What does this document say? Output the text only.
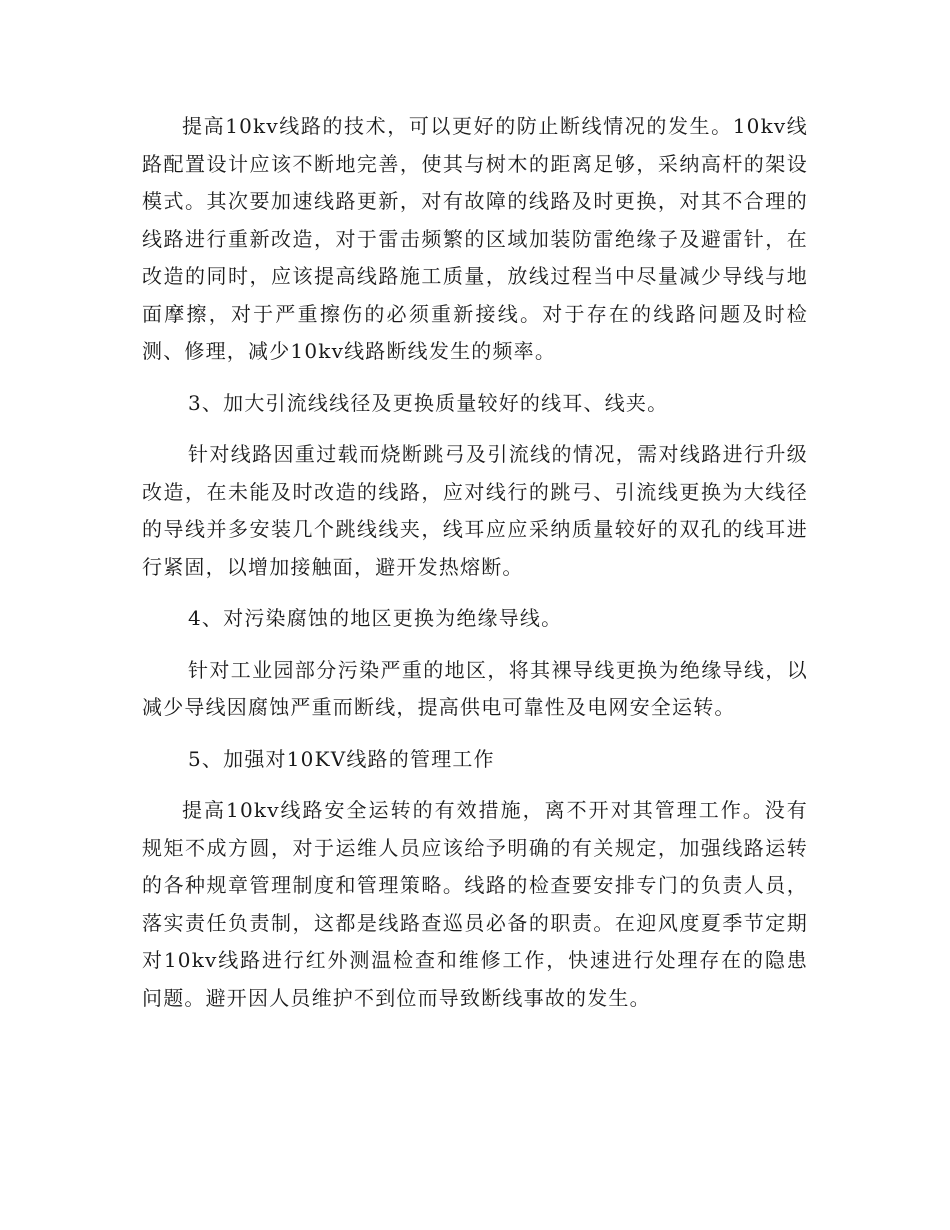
提高10kv线路的技术，可以更好的防止断线情况的发生。10kv线路配置设计应该不断地完善，使其与树木的距离足够，采纳高杆的架设模式。其次要加速线路更新，对有故障的线路及时更换，对其不合理的线路进行重新改造，对于雷击频繁的区域加装防雷绝缘子及避雷针，在改造的同时，应该提高线路施工质量，放线过程当中尽量减少导线与地面摩擦，对于严重擦伤的必须重新接线。对于存在的线路问题及时检测、修理，减少10kv线路断线发生的频率。

3、加大引流线线径及更换质量较好的线耳、线夹。

针对线路因重过载而烧断跳弓及引流线的情况，需对线路进行升级改造，在未能及时改造的线路，应对线行的跳弓、引流线更换为大线径的导线并多安装几个跳线线夹，线耳应应采纳质量较好的双孔的线耳进行紧固，以增加接触面，避开发热熔断。

4、对污染腐蚀的地区更换为绝缘导线。

针对工业园部分污染严重的地区，将其裸导线更换为绝缘导线，以减少导线因腐蚀严重而断线，提高供电可靠性及电网安全运转。

5、加强对10KV线路的管理工作

提高10kv线路安全运转的有效措施，离不开对其管理工作。没有规矩不成方圆，对于运维人员应该给予明确的有关规定，加强线路运转的各种规章管理制度和管理策略。线路的检查要安排专门的负责人员，落实责任负责制，这都是线路查巡员必备的职责。在迎风度夏季节定期对10kv线路进行红外测温检查和维修工作，快速进行处理存在的隐患问题。避开因人员维护不到位而导致断线事故的发生。
